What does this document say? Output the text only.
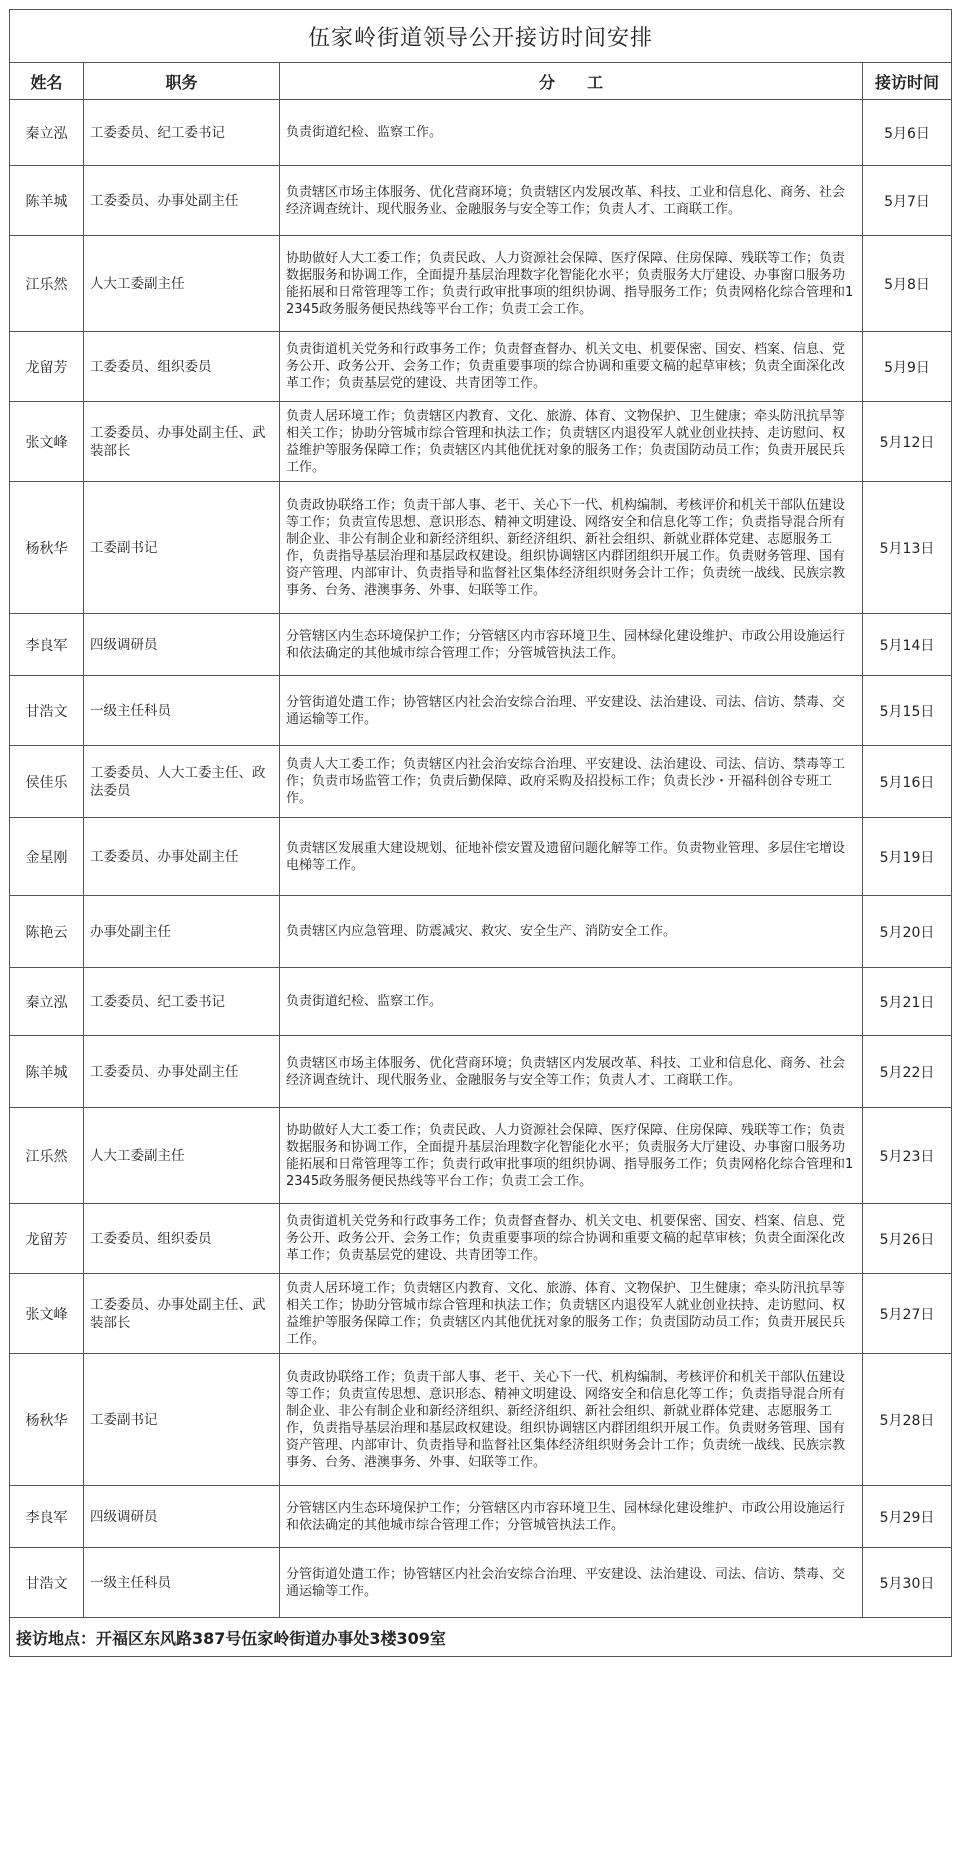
伍家岭街道领导公开接访时间安排			
姓名	职务	分　　工	接访时间
秦立泓	工委委员、纪工委书记	负责街道纪检、监察工作。	5月6日
陈羊城	工委委员、办事处副主任	负责辖区市场主体服务、优化营商环境；负责辖区内发展改革、科技、工业和信息化、商务、社会经济调查统计、现代服务业、金融服务与安全等工作；负责人才、工商联工作。	5月7日
江乐然	人大工委副主任	协助做好人大工委工作；负责民政、人力资源社会保障、医疗保障、住房保障、残联等工作；负责数据服务和协调工作，全面提升基层治理数字化智能化水平；负责服务大厅建设、办事窗口服务功能拓展和日常管理等工作；负责行政审批事项的组织协调、指导服务工作；负责网格化综合管理和12345政务服务便民热线等平台工作；负责工会工作。	5月8日
龙留芳	工委委员、组织委员	负责街道机关党务和行政事务工作；负责督查督办、机关文电、机要保密、国安、档案、信息、党务公开、政务公开、会务工作；负责重要事项的综合协调和重要文稿的起草审核；负责全面深化改革工作；负责基层党的建设、共青团等工作。	5月9日
张文峰	工委委员、办事处副主任、武装部长	负责人居环境工作；负责辖区内教育、文化、旅游、体育、文物保护、卫生健康；牵头防汛抗旱等相关工作；协助分管城市综合管理和执法工作；负责辖区内退役军人就业创业扶持、走访慰问、权益维护等服务保障工作；负责辖区内其他优抚对象的服务工作；负责国防动员工作；负责开展民兵工作。	5月12日
杨秋华	工委副书记	负责政协联络工作；负责干部人事、老干、关心下一代、机构编制、考核评价和机关干部队伍建设等工作；负责宣传思想、意识形态、精神文明建设、网络安全和信息化等工作；负责指导混合所有制企业、非公有制企业和新经济组织、新经济组织、新社会组织、新就业群体党建、志愿服务工作，负责指导基层治理和基层政权建设。组织协调辖区内群团组织开展工作。负责财务管理、国有资产管理、内部审计、负责指导和监督社区集体经济组织财务会计工作；负责统一战线、民族宗教事务、台务、港澳事务、外事、妇联等工作。	5月13日
李良军	四级调研员	分管辖区内生态环境保护工作；分管辖区内市容环境卫生、园林绿化建设维护、市政公用设施运行和依法确定的其他城市综合管理工作；分管城管执法工作。	5月14日
甘浩文	一级主任科员	分管街道处遣工作；协管辖区内社会治安综合治理、平安建设、法治建设、司法、信访、禁毒、交通运输等工作。	5月15日
侯佳乐	工委委员、人大工委主任、政法委员	负责人大工委工作；负责辖区内社会治安综合治理、平安建设、法治建设、司法、信访、禁毒等工作；负责市场监管工作；负责后勤保障、政府采购及招投标工作；负责长沙・开福科创谷专班工作。	5月16日
金星刚	工委委员、办事处副主任	负责辖区发展重大建设规划、征地补偿安置及遗留问题化解等工作。负责物业管理、多层住宅增设电梯等工作。	5月19日
陈艳云	办事处副主任	负责辖区内应急管理、防震减灾、救灾、安全生产、消防安全工作。	5月20日
秦立泓	工委委员、纪工委书记	负责街道纪检、监察工作。	5月21日
陈羊城	工委委员、办事处副主任	负责辖区市场主体服务、优化营商环境；负责辖区内发展改革、科技、工业和信息化、商务、社会经济调查统计、现代服务业、金融服务与安全等工作；负责人才、工商联工作。	5月22日
江乐然	人大工委副主任	协助做好人大工委工作；负责民政、人力资源社会保障、医疗保障、住房保障、残联等工作；负责数据服务和协调工作，全面提升基层治理数字化智能化水平；负责服务大厅建设、办事窗口服务功能拓展和日常管理等工作；负责行政审批事项的组织协调、指导服务工作；负责网格化综合管理和12345政务服务便民热线等平台工作；负责工会工作。	5月23日
龙留芳	工委委员、组织委员	负责街道机关党务和行政事务工作；负责督查督办、机关文电、机要保密、国安、档案、信息、党务公开、政务公开、会务工作；负责重要事项的综合协调和重要文稿的起草审核；负责全面深化改革工作；负责基层党的建设、共青团等工作。	5月26日
张文峰	工委委员、办事处副主任、武装部长	负责人居环境工作；负责辖区内教育、文化、旅游、体育、文物保护、卫生健康；牵头防汛抗旱等相关工作；协助分管城市综合管理和执法工作；负责辖区内退役军人就业创业扶持、走访慰问、权益维护等服务保障工作；负责辖区内其他优抚对象的服务工作；负责国防动员工作；负责开展民兵工作。	5月27日
杨秋华	工委副书记	负责政协联络工作；负责干部人事、老干、关心下一代、机构编制、考核评价和机关干部队伍建设等工作；负责宣传思想、意识形态、精神文明建设、网络安全和信息化等工作；负责指导混合所有制企业、非公有制企业和新经济组织、新经济组织、新社会组织、新就业群体党建、志愿服务工作，负责指导基层治理和基层政权建设。组织协调辖区内群团组织开展工作。负责财务管理、国有资产管理、内部审计、负责指导和监督社区集体经济组织财务会计工作；负责统一战线、民族宗教事务、台务、港澳事务、外事、妇联等工作。	5月28日
李良军	四级调研员	分管辖区内生态环境保护工作；分管辖区内市容环境卫生、园林绿化建设维护、市政公用设施运行和依法确定的其他城市综合管理工作；分管城管执法工作。	5月29日
甘浩文	一级主任科员	分管街道处遣工作；协管辖区内社会治安综合治理、平安建设、法治建设、司法、信访、禁毒、交通运输等工作。	5月30日
接访地点：开福区东风路387号伍家岭街道办事处3楼309室			
